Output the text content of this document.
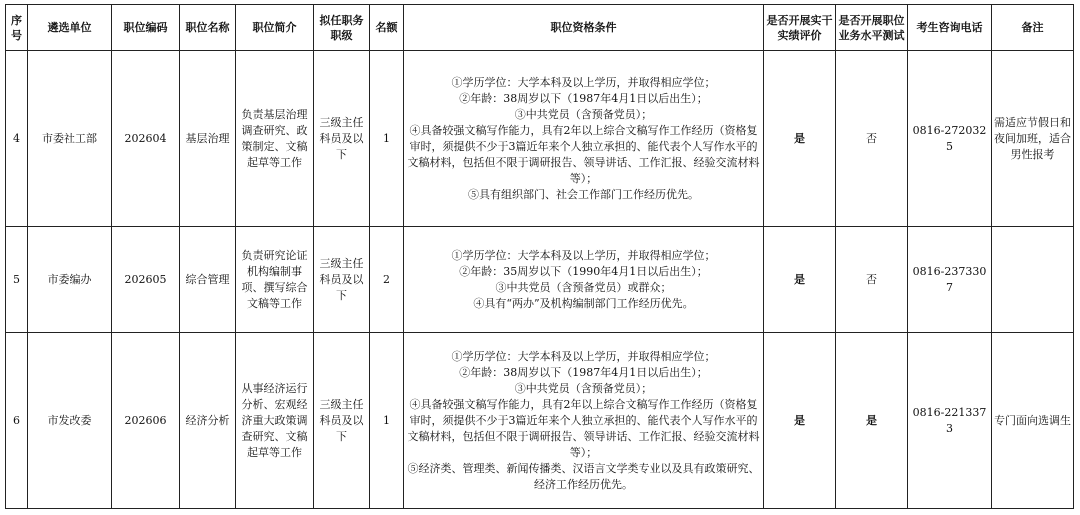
序号	遴选单位	职位编码	职位名称	职位简介	拟任职务职级	名额	职位资格条件	是否开展实干实绩评价	是否开展职位业务水平测试	考生咨询电话	备注
4	市委社工部	202604	基层治理	负责基层治理调查研究、政策制定、文稿起草等工作	三级主任科员及以下	1	①学历学位：大学本科及以上学历，并取得相应学位；
②年龄：38周岁以下（1987年4月1日以后出生）；
③中共党员（含预备党员）；
④具备较强文稿写作能力，具有2年以上综合文稿写作工作经历（资格复审时，须提供不少于3篇近年来个人独立承担的、能代表个人写作水平的文稿材料，包括但不限于调研报告、领导讲话、工作汇报、经验交流材料等）；
⑤具有组织部门、社会工作部门工作经历优先。	是	否	0816-2720325	需适应节假日和夜间加班，适合男性报考
5	市委编办	202605	综合管理	负责研究论证机构编制事项、撰写综合文稿等工作	三级主任科员及以下	2	①学历学位：大学本科及以上学历，并取得相应学位；
②年龄：35周岁以下（1990年4月1日以后出生）；
③中共党员（含预备党员）或群众；
④具有“两办”及机构编制部门工作经历优先。	是	否	0816-2373307	
6	市发改委	202606	经济分析	从事经济运行分析、宏观经济重大政策调查研究、文稿起草等工作	三级主任科员及以下	1	①学历学位：大学本科及以上学历，并取得相应学位；
②年龄：38周岁以下（1987年4月1日以后出生）；
③中共党员（含预备党员）；
④具备较强文稿写作能力，具有2年以上综合文稿写作工作经历（资格复审时，须提供不少于3篇近年来个人独立承担的、能代表个人写作水平的文稿材料，包括但不限于调研报告、领导讲话、工作汇报、经验交流材料等）；
⑤经济类、管理类、新闻传播类、汉语言文学类专业以及具有政策研究、经济工作经历优先。	是	是	0816-2213373	专门面向选调生
